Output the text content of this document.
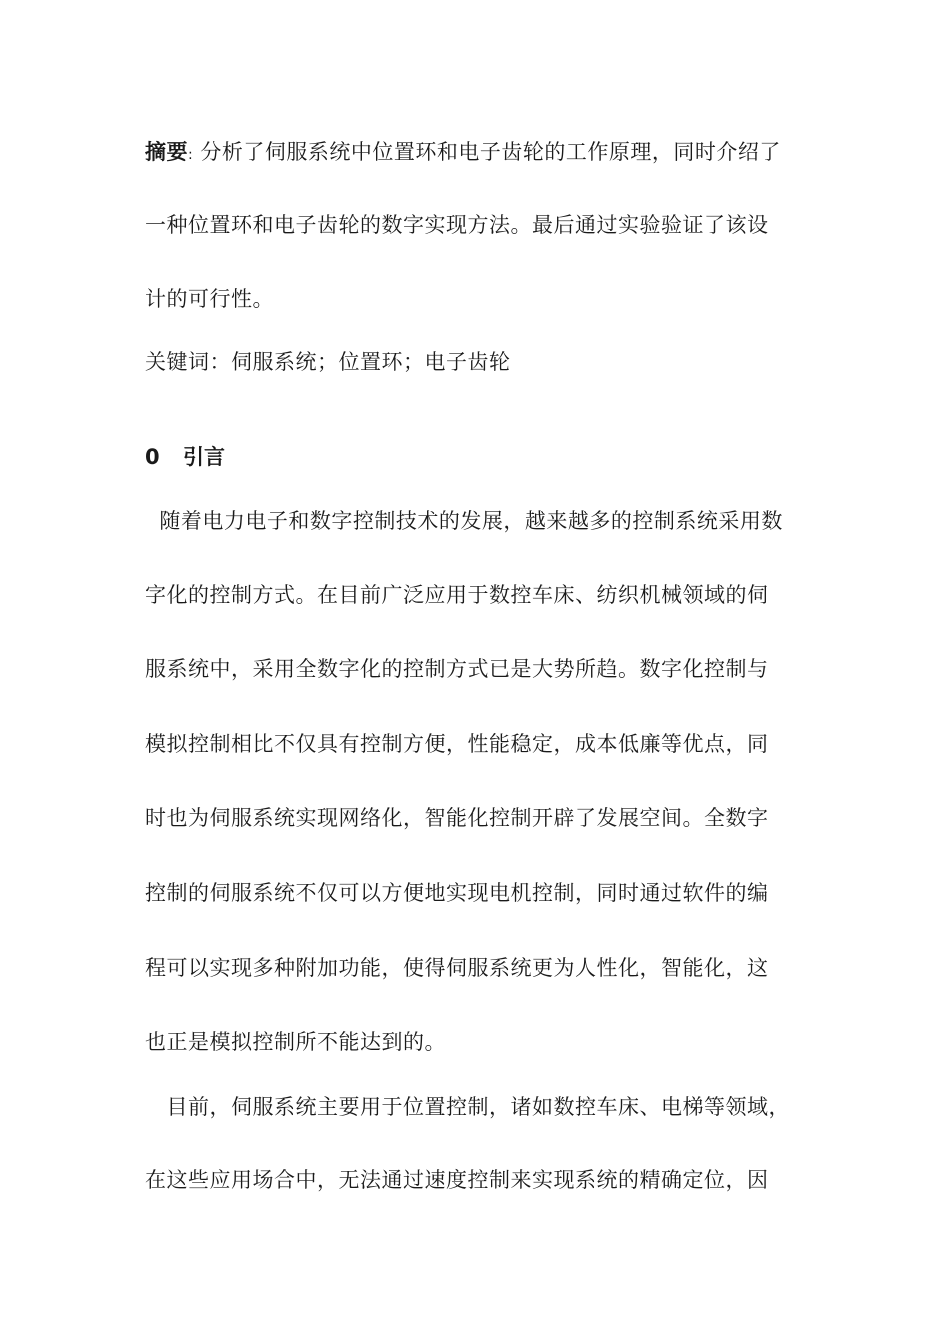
摘要: 分析了伺服系统中位置环和电子齿轮的工作原理，同时介绍了
一种位置环和电子齿轮的数字实现方法。最后通过实验验证了该设
计的可行性。
关键词：伺服系统；位置环；电子齿轮
0 引言
随着电力电子和数字控制技术的发展，越来越多的控制系统采用数
字化的控制方式。在目前广泛应用于数控车床、纺织机械领域的伺
服系统中，采用全数字化的控制方式已是大势所趋。数字化控制与
模拟控制相比不仅具有控制方便，性能稳定，成本低廉等优点，同
时也为伺服系统实现网络化，智能化控制开辟了发展空间。全数字
控制的伺服系统不仅可以方便地实现电机控制，同时通过软件的编
程可以实现多种附加功能，使得伺服系统更为人性化，智能化，这
也正是模拟控制所不能达到的。
目前，伺服系统主要用于位置控制，诸如数控车床、电梯等领域，
在这些应用场合中，无法通过速度控制来实现系统的精确定位，因
